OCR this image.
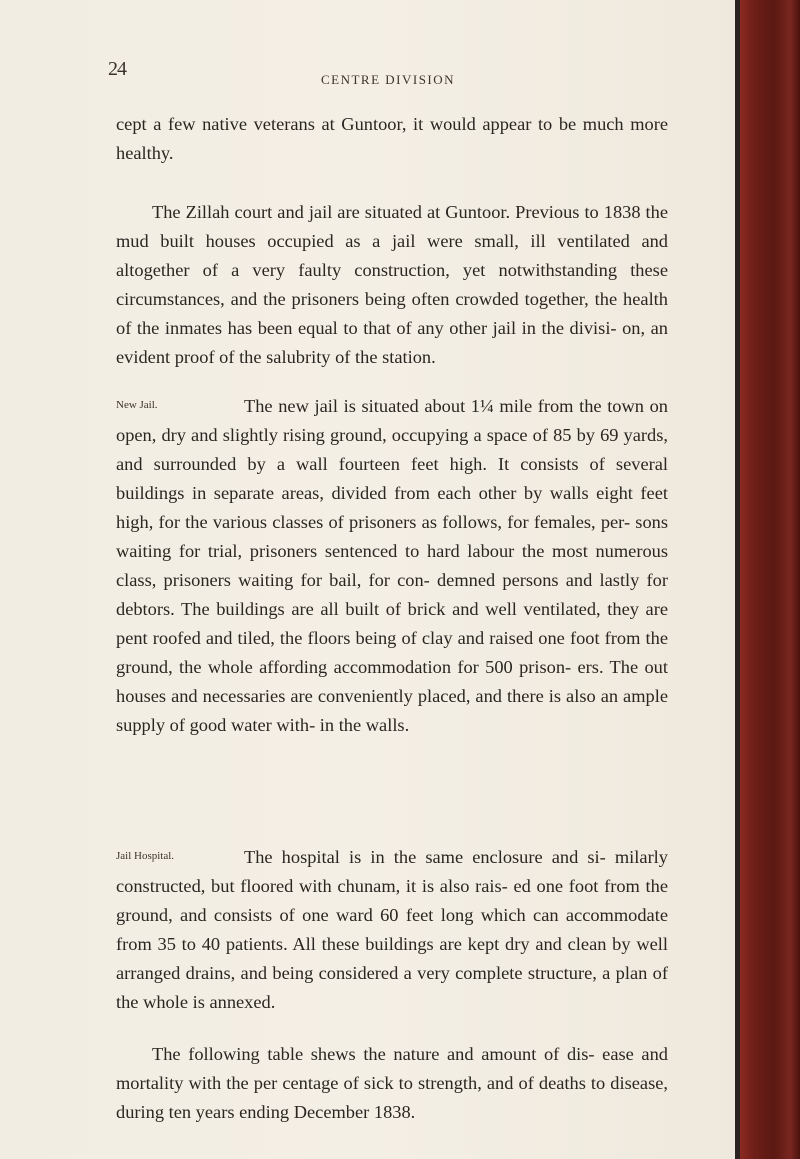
24	CENTRE DIVISION

cept a few native veterans at Guntoor, it would appear to be much more healthy.

The Zillah court and jail are situated at Guntoor. Previous to 1838 the mud built houses occupied as a jail were small, ill ventilated and altogether of a very faulty construction, yet notwithstanding these circumstances, and the prisoners being often crowded together, the health of the inmates has been equal to that of any other jail in the divisi- on, an evident proof of the salubrity of the station.

New Jail.	The new jail is situated about 1¼ mile from the town on open, dry and slightly rising ground, occupying a space of 85 by 69 yards, and surrounded by a wall fourteen feet high. It consists of several buildings in separate areas, divided from each other by walls eight feet high, for the various classes of prisoners as follows, for females, per- sons waiting for trial, prisoners sentenced to hard labour the most numerous class, prisoners waiting for bail, for con- demned persons and lastly for debtors. The buildings are all built of brick and well ventilated, they are pent roofed and tiled, the floors being of clay and raised one foot from the ground, the whole affording accommodation for 500 prison- ers. The out houses and necessaries are conveniently placed, and there is also an ample supply of good water with- in the walls.

Jail Hospital.	The hospital is in the same enclosure and si- milarly constructed, but floored with chunam, it is also rais- ed one foot from the ground, and consists of one ward 60 feet long which can accommodate from 35 to 40 patients. All these buildings are kept dry and clean by well arranged drains, and being considered a very complete structure, a plan of the whole is annexed.

The following table shews the nature and amount of dis- ease and mortality with the per centage of sick to strength, and of deaths to disease, during ten years ending December 1838.
